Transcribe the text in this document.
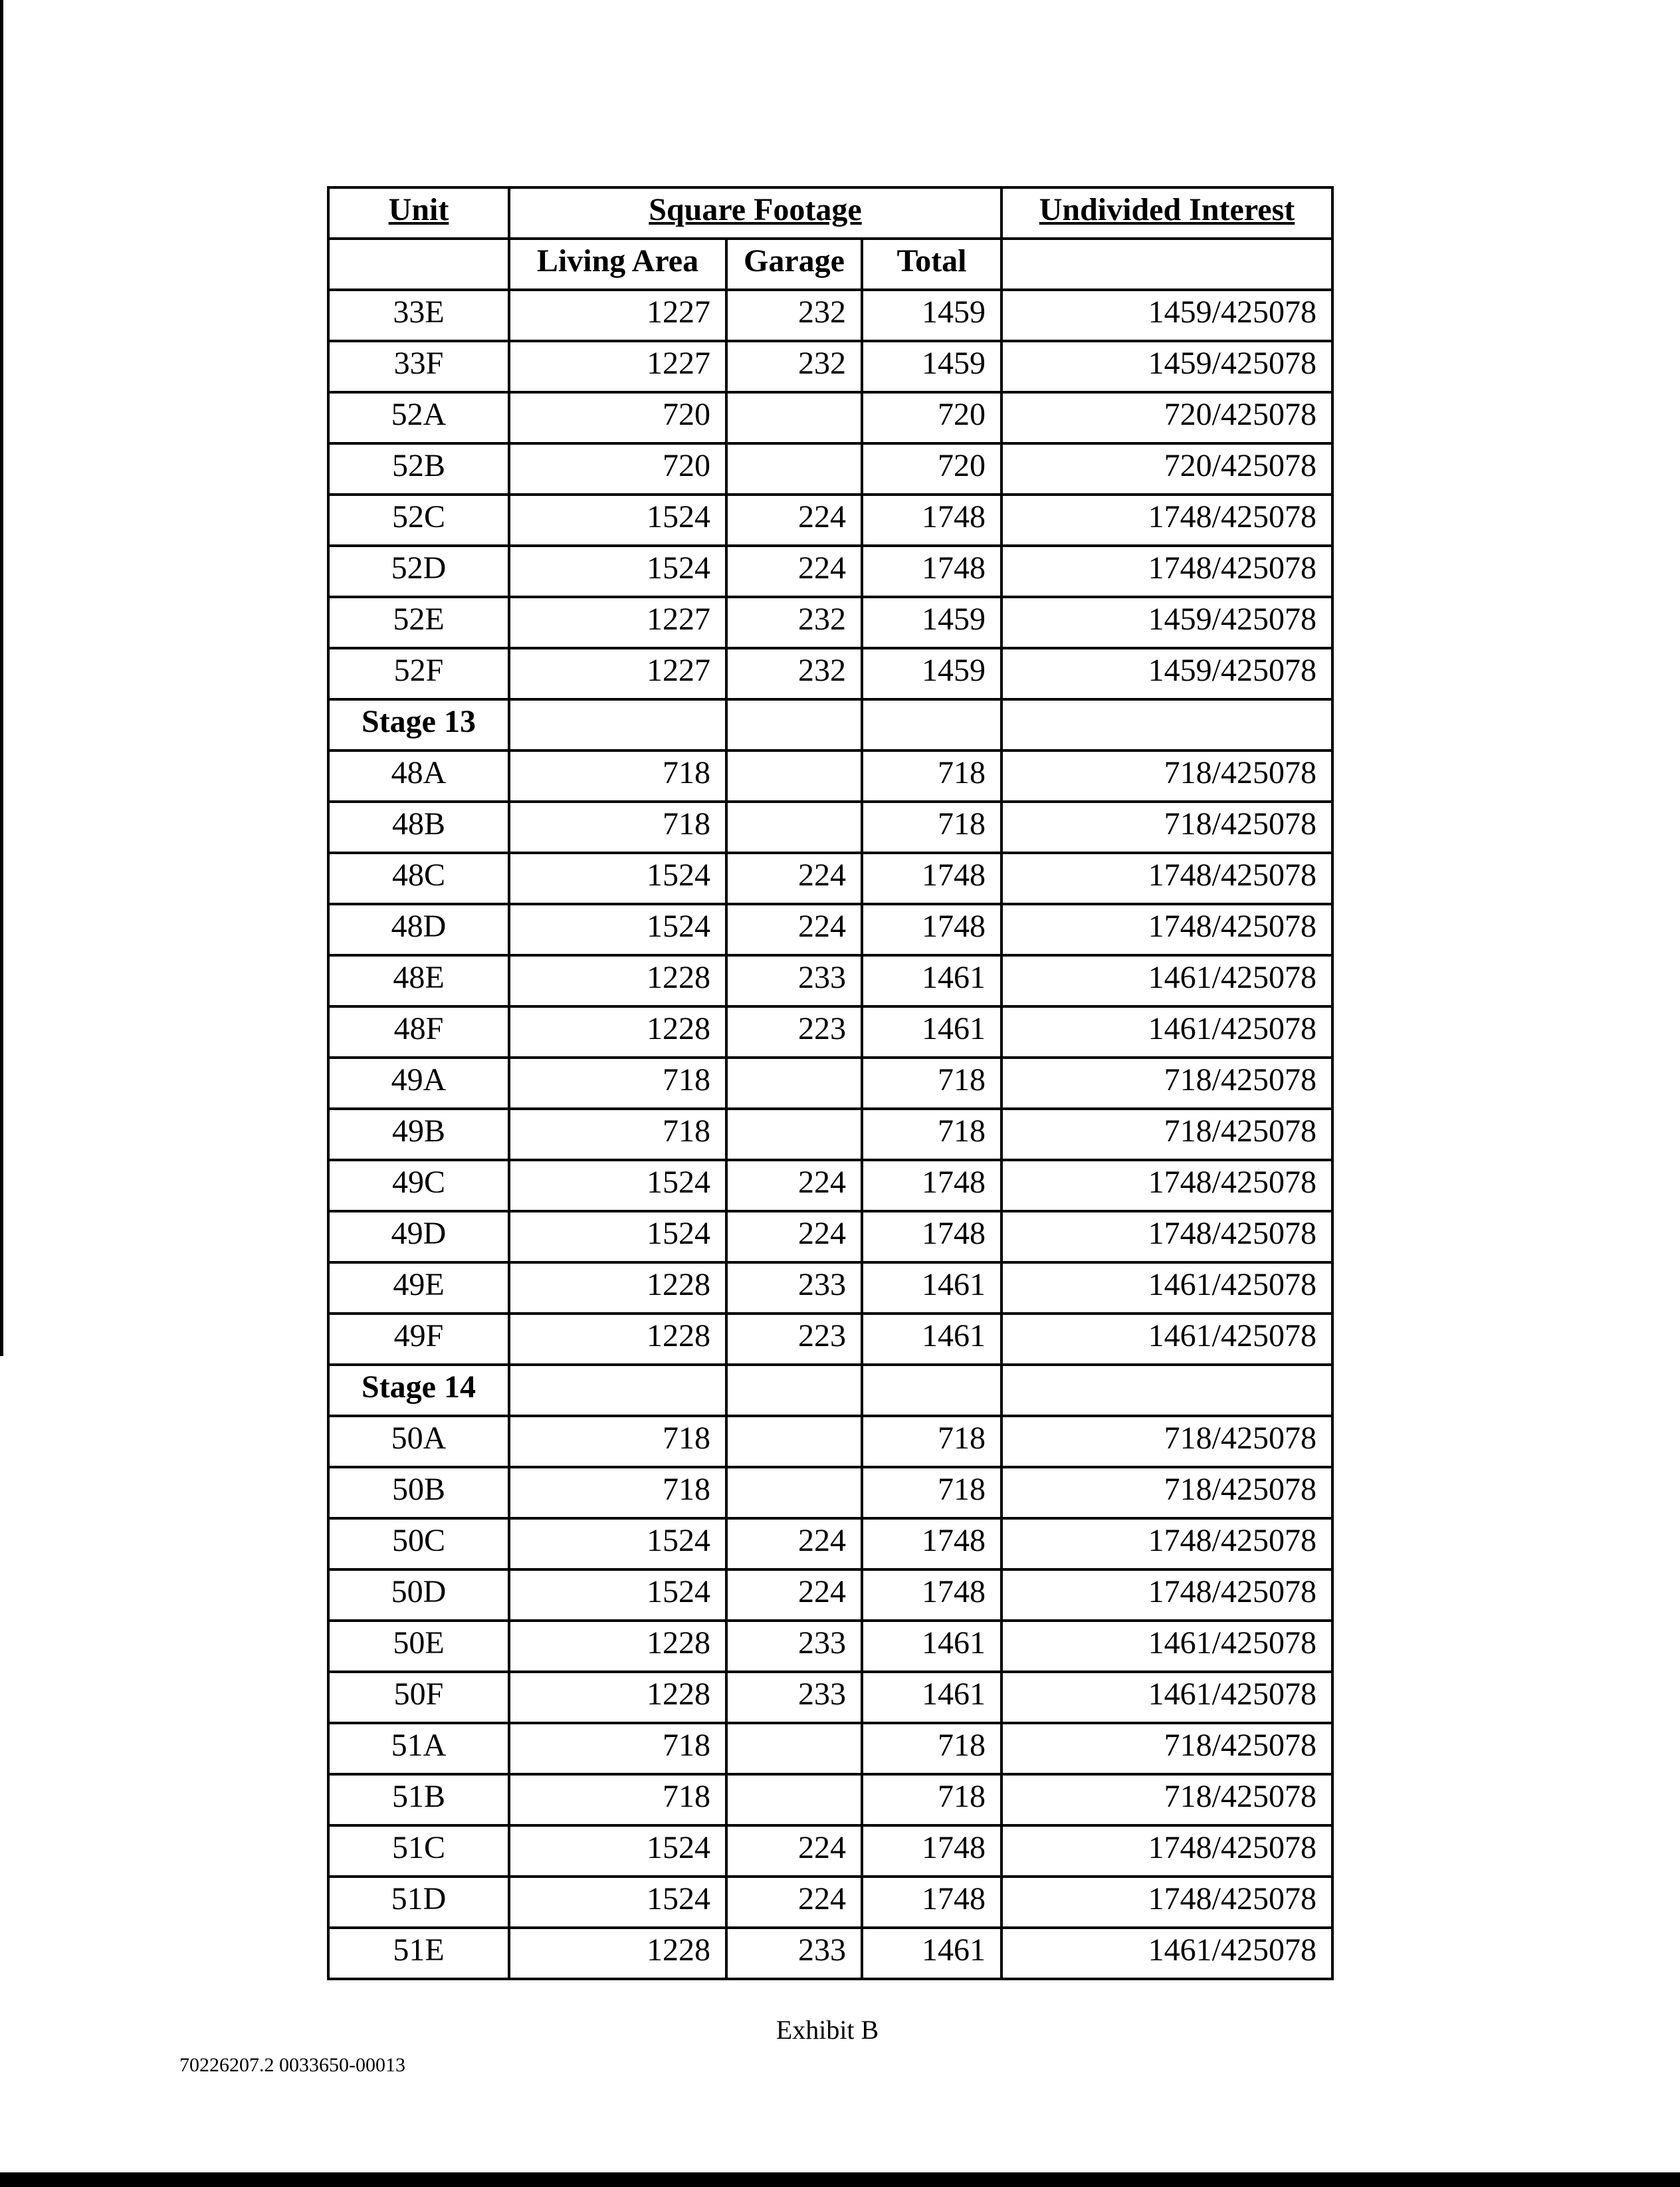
Unit	Square Footage			Undivided Interest
	Living Area	Garage	Total	
33E	1227	232	1459	1459/425078
33F	1227	232	1459	1459/425078
52A	720		720	720/425078
52B	720		720	720/425078
52C	1524	224	1748	1748/425078
52D	1524	224	1748	1748/425078
52E	1227	232	1459	1459/425078
52F	1227	232	1459	1459/425078
Stage 13				
48A	718		718	718/425078
48B	718		718	718/425078
48C	1524	224	1748	1748/425078
48D	1524	224	1748	1748/425078
48E	1228	233	1461	1461/425078
48F	1228	223	1461	1461/425078
49A	718		718	718/425078
49B	718		718	718/425078
49C	1524	224	1748	1748/425078
49D	1524	224	1748	1748/425078
49E	1228	233	1461	1461/425078
49F	1228	223	1461	1461/425078
Stage 14				
50A	718		718	718/425078
50B	718		718	718/425078
50C	1524	224	1748	1748/425078
50D	1524	224	1748	1748/425078
50E	1228	233	1461	1461/425078
50F	1228	233	1461	1461/425078
51A	718		718	718/425078
51B	718		718	718/425078
51C	1524	224	1748	1748/425078
51D	1524	224	1748	1748/425078
51E	1228	233	1461	1461/425078
Exhibit B
70226207.2 0033650-00013
